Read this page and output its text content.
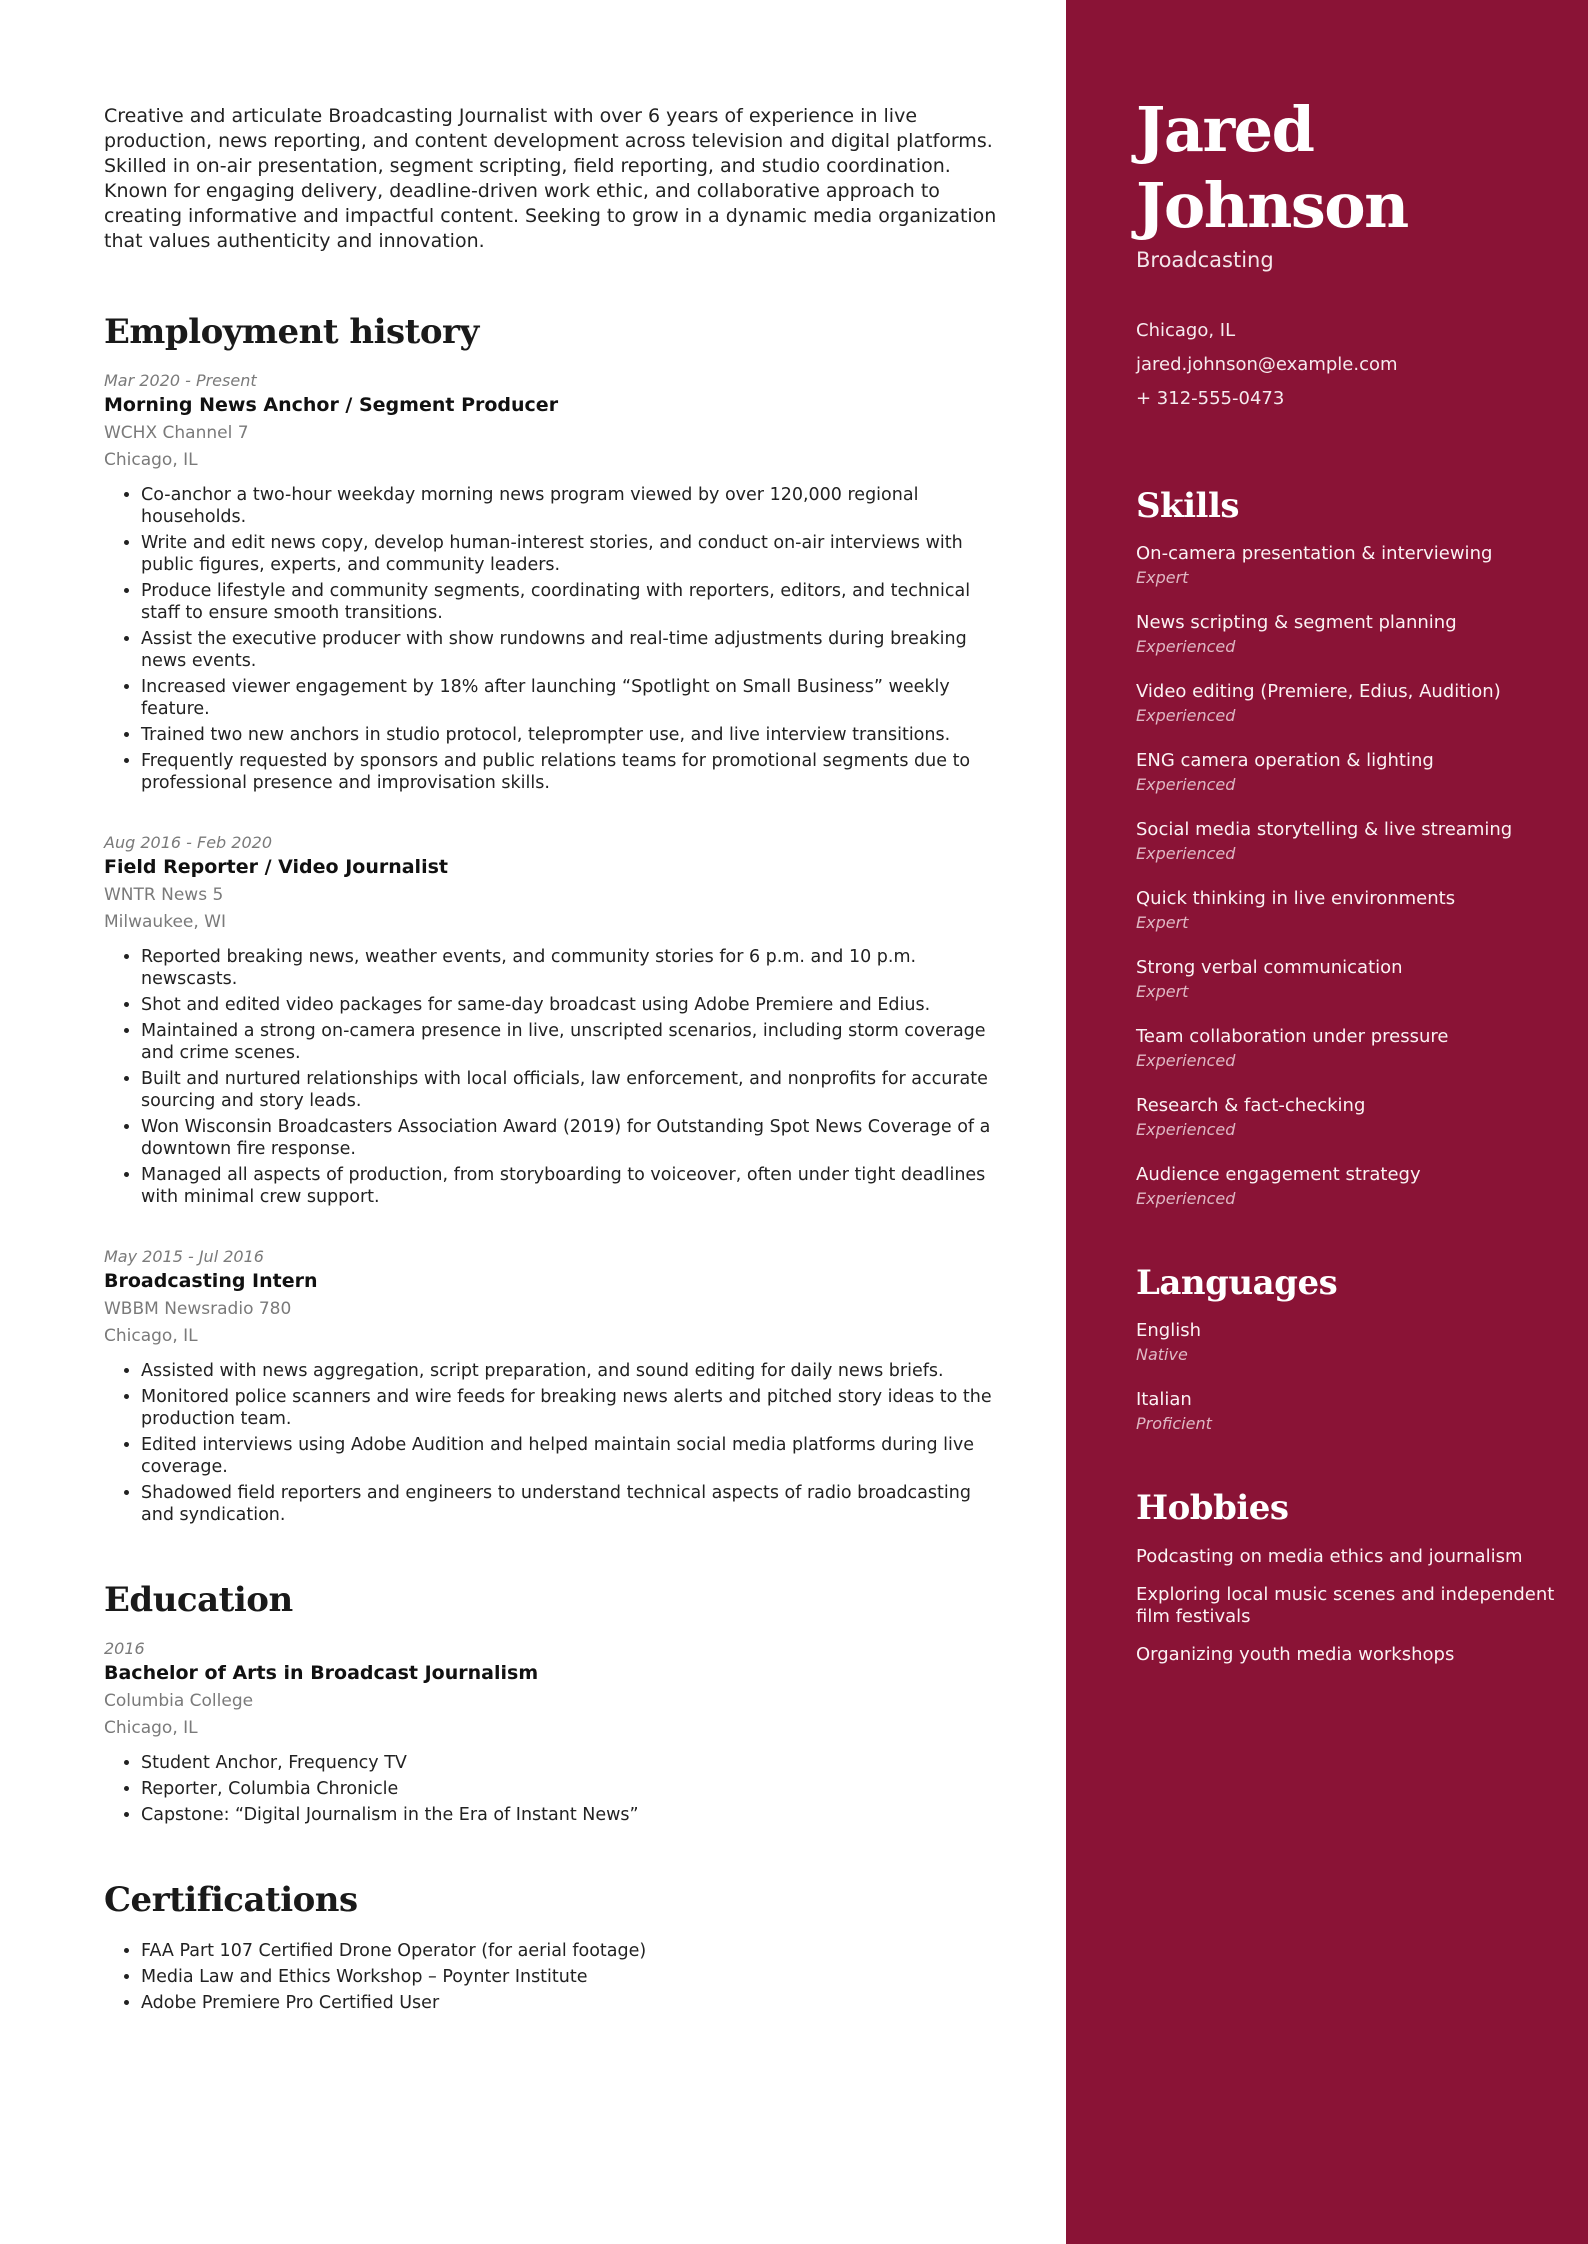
Creative and articulate Broadcasting Journalist with over 6 years of experience in live production, news reporting, and content development across television and digital platforms. Skilled in on-air presentation, segment scripting, field reporting, and studio coordination. Known for engaging delivery, deadline-driven work ethic, and collaborative approach to creating informative and impactful content. Seeking to grow in a dynamic media organization that values authenticity and innovation.

Employment history
Mar 2020 - Present
Morning News Anchor / Segment Producer
WCHX Channel 7
Chicago, IL
• Co-anchor a two-hour weekday morning news program viewed by over 120,000 regional households.
• Write and edit news copy, develop human-interest stories, and conduct on-air interviews with public figures, experts, and community leaders.
• Produce lifestyle and community segments, coordinating with reporters, editors, and technical staff to ensure smooth transitions.
• Assist the executive producer with show rundowns and real-time adjustments during breaking news events.
• Increased viewer engagement by 18% after launching “Spotlight on Small Business” weekly feature.
• Trained two new anchors in studio protocol, teleprompter use, and live interview transitions.
• Frequently requested by sponsors and public relations teams for promotional segments due to professional presence and improvisation skills.
Aug 2016 - Feb 2020
Field Reporter / Video Journalist
WNTR News 5
Milwaukee, WI
• Reported breaking news, weather events, and community stories for 6 p.m. and 10 p.m. newscasts.
• Shot and edited video packages for same-day broadcast using Adobe Premiere and Edius.
• Maintained a strong on-camera presence in live, unscripted scenarios, including storm coverage and crime scenes.
• Built and nurtured relationships with local officials, law enforcement, and nonprofits for accurate sourcing and story leads.
• Won Wisconsin Broadcasters Association Award (2019) for Outstanding Spot News Coverage of a downtown fire response.
• Managed all aspects of production, from storyboarding to voiceover, often under tight deadlines with minimal crew support.
May 2015 - Jul 2016
Broadcasting Intern
WBBM Newsradio 780
Chicago, IL
• Assisted with news aggregation, script preparation, and sound editing for daily news briefs.
• Monitored police scanners and wire feeds for breaking news alerts and pitched story ideas to the production team.
• Edited interviews using Adobe Audition and helped maintain social media platforms during live coverage.
• Shadowed field reporters and engineers to understand technical aspects of radio broadcasting and syndication.
Education
2016
Bachelor of Arts in Broadcast Journalism
Columbia College
Chicago, IL
• Student Anchor, Frequency TV
• Reporter, Columbia Chronicle
• Capstone: “Digital Journalism in the Era of Instant News”
Certifications
• FAA Part 107 Certified Drone Operator (for aerial footage)
• Media Law and Ethics Workshop – Poynter Institute
• Adobe Premiere Pro Certified User
Jared Johnson
Broadcasting
Chicago, IL
jared.johnson@example.com
+ 312-555-0473
Skills
On-camera presentation & interviewing
Expert
News scripting & segment planning
Experienced
Video editing (Premiere, Edius, Audition)
Experienced
ENG camera operation & lighting
Experienced
Social media storytelling & live streaming
Experienced
Quick thinking in live environments
Expert
Strong verbal communication
Expert
Team collaboration under pressure
Experienced
Research & fact-checking
Experienced
Audience engagement strategy
Experienced
Languages
English
Native
Italian
Proficient
Hobbies
Podcasting on media ethics and journalism
Exploring local music scenes and independent film festivals
Organizing youth media workshops
